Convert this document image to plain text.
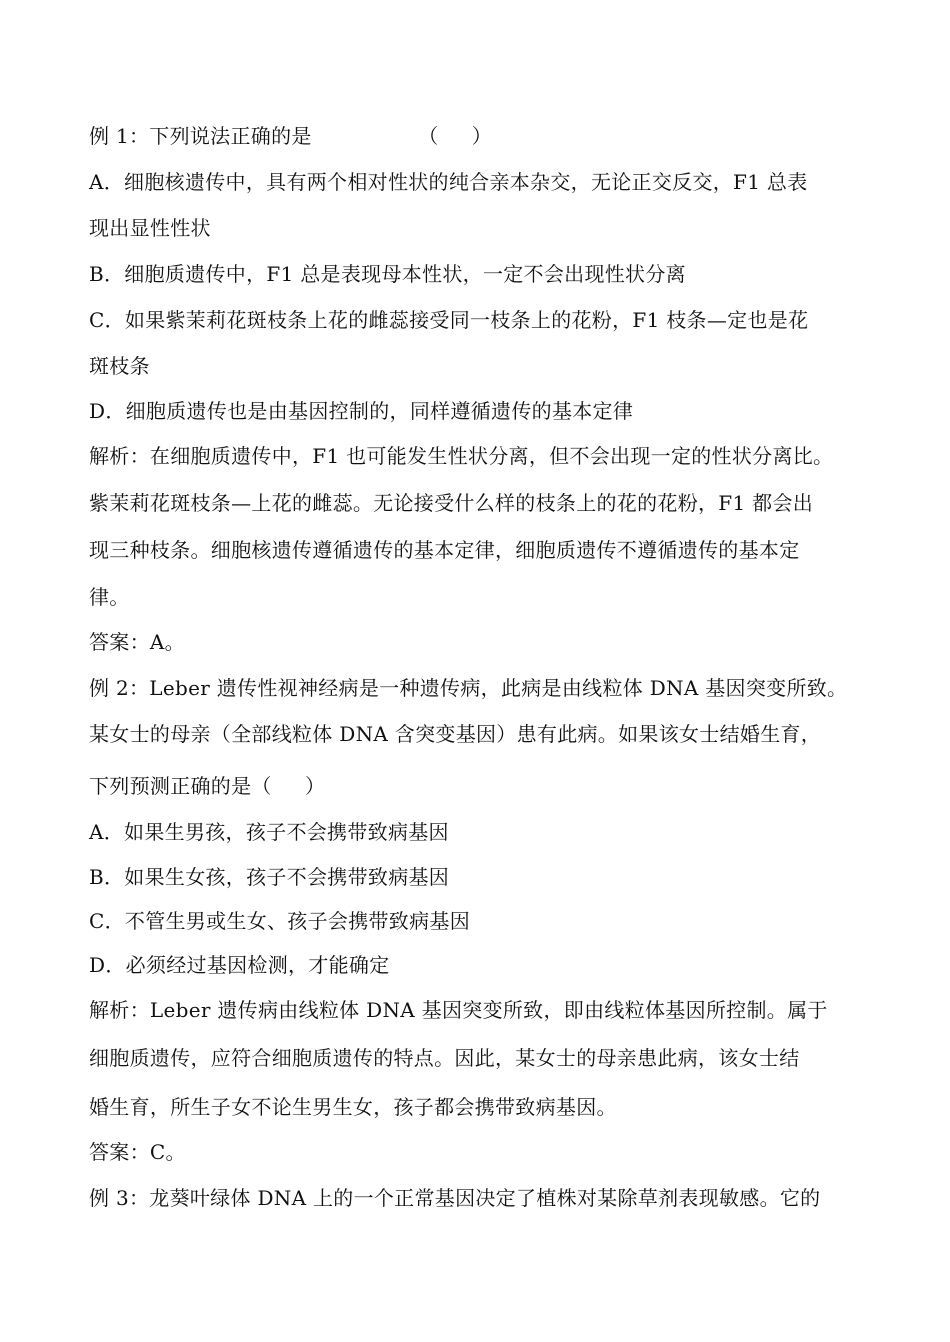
例 1：下列说法正确的是                （     ）
A．细胞核遗传中，具有两个相对性状的纯合亲本杂交，无论正交反交，F1 总表
现出显性性状
B．细胞质遗传中，F1 总是表现母本性状，一定不会出现性状分离
C．如果紫茉莉花斑枝条上花的雌蕊接受同一枝条上的花粉，F1 枝条—定也是花
斑枝条
D．细胞质遗传也是由基因控制的，同样遵循遗传的基本定律
解析：在细胞质遗传中，F1 也可能发生性状分离，但不会出现一定的性状分离比。
紫茉莉花斑枝条—上花的雌蕊。无论接受什么样的枝条上的花的花粉，F1 都会出
现三种枝条。细胞核遗传遵循遗传的基本定律，细胞质遗传不遵循遗传的基本定
律。
答案：A。
例 2：Leber 遗传性视神经病是一种遗传病，此病是由线粒体 DNA 基因突变所致。
某女士的母亲（全部线粒体 DNA 含突变基因）患有此病。如果该女士结婚生育，
下列预测正确的是（     ）
A．如果生男孩，孩子不会携带致病基因
B．如果生女孩，孩子不会携带致病基因
C．不管生男或生女、孩子会携带致病基因
D．必须经过基因检测，才能确定
解析：Leber 遗传病由线粒体 DNA 基因突变所致，即由线粒体基因所控制。属于
细胞质遗传，应符合细胞质遗传的特点。因此，某女士的母亲患此病，该女士结
婚生育，所生子女不论生男生女，孩子都会携带致病基因。
答案：C。
例 3：龙葵叶绿体 DNA 上的一个正常基因决定了植株对某除草剂表现敏感。它的
